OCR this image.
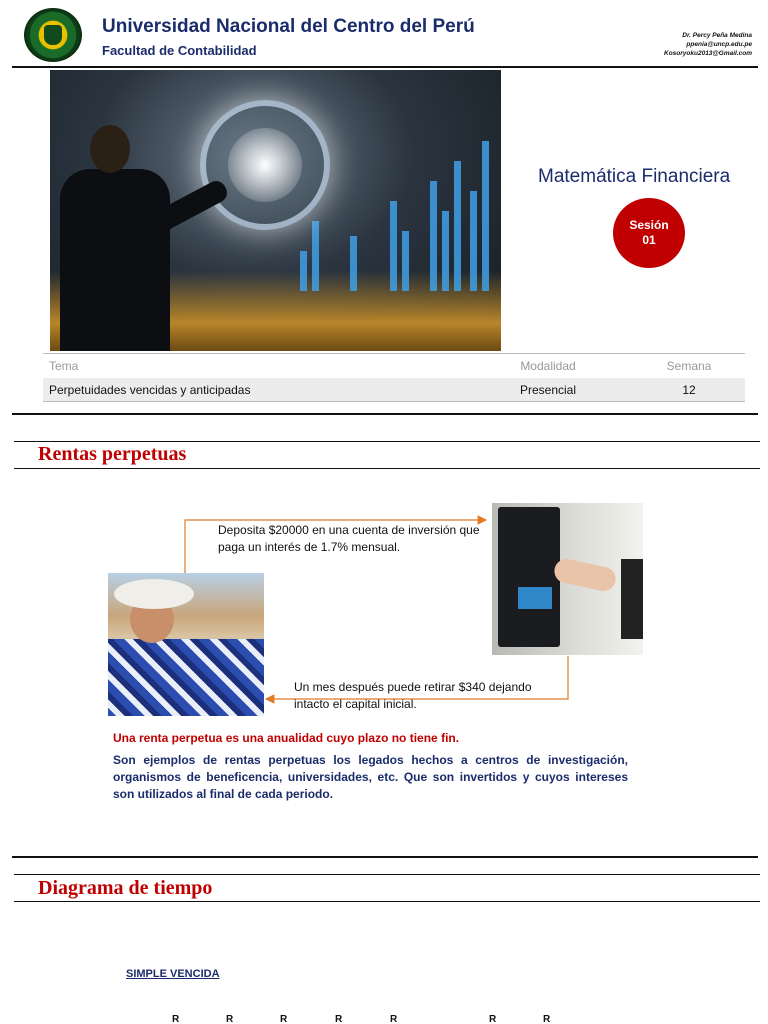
Universidad Nacional del Centro del Perú
Facultad de Contabilidad
Dr. Percy Peña Medina
ppenia@uncp.edu.pe
Kosoryoku2013@Gmail.com
Matemática Financiera
Sesión
01
Tema	Modalidad	Semana
Perpetuidades vencidas y anticipadas	Presencial	12
Rentas perpetuas
Deposita $20000 en una cuenta de inversión que paga un interés de 1.7% mensual.
Un mes después puede retirar $340 dejando intacto el capital inicial.
Una renta perpetua es una anualidad cuyo plazo no tiene fin.
Son ejemplos de rentas perpetuas los legados hechos a centros de investigación, organismos de beneficencia, universidades, etc. Que son invertidos y cuyos intereses son utilizados al final de cada periodo.
Diagrama de tiempo
SIMPLE VENCIDA
R	R	R	R	R	R	R
